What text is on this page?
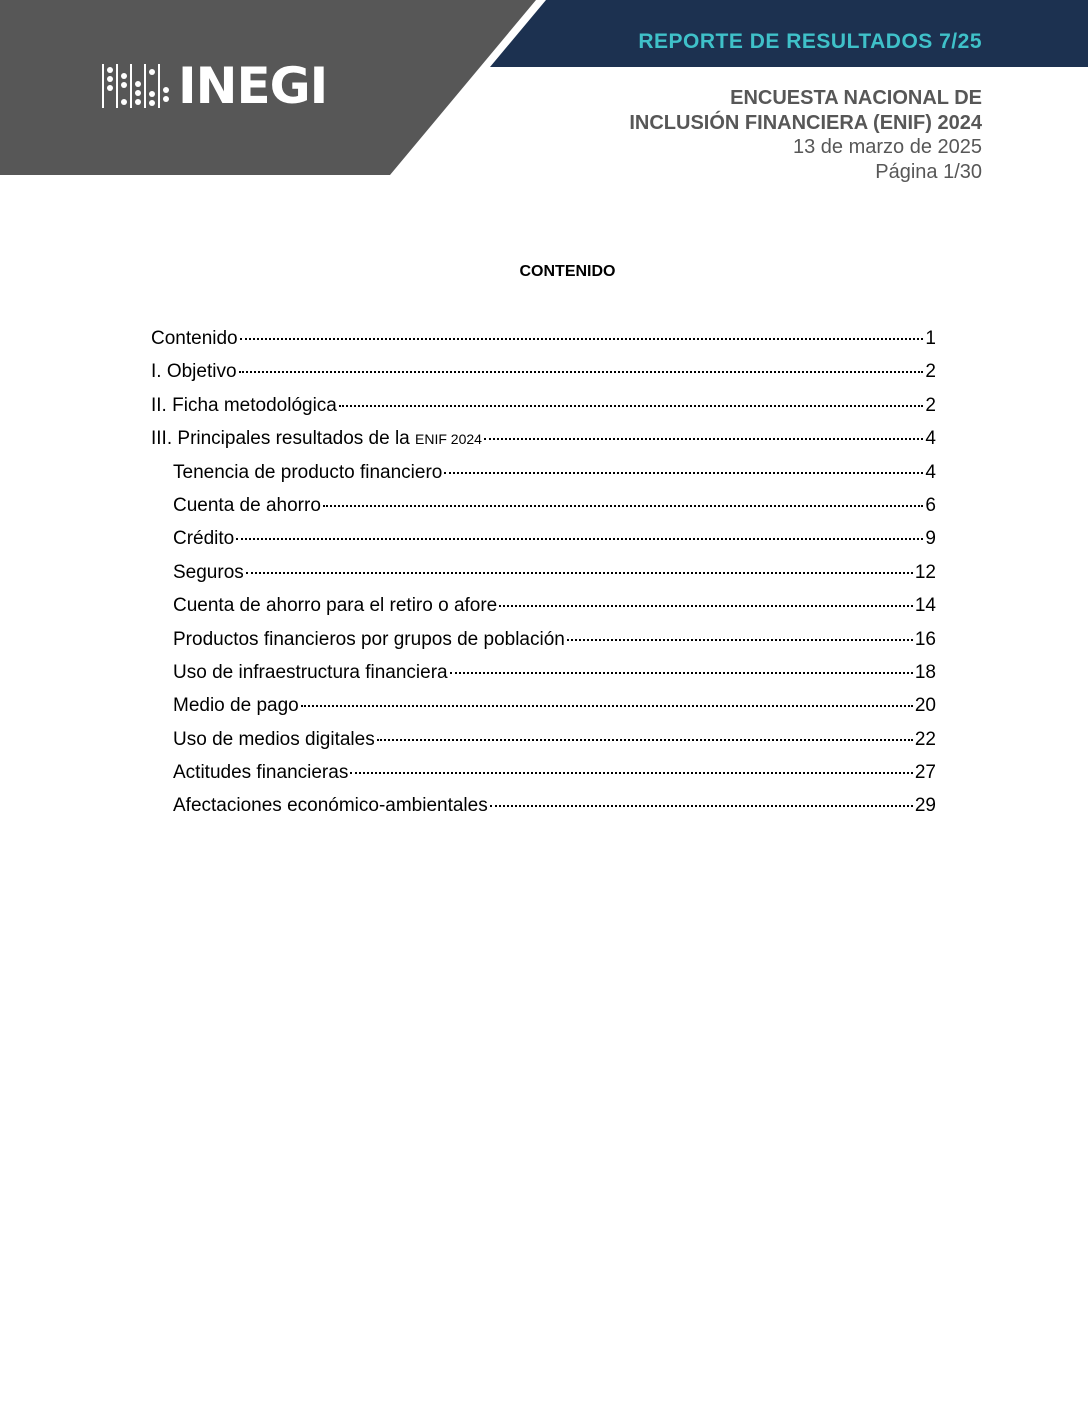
REPORTE DE RESULTADOS 7/25
INEGI	ENCUESTA NACIONAL DE
INCLUSIÓN FINANCIERA (ENIF) 2024
13 de marzo de 2025
Página 1/30
CONTENIDO
Contenido	1
I. Objetivo	2
II. Ficha metodológica	2
III. Principales resultados de la ENIF 2024	4
Tenencia de producto financiero	4
Cuenta de ahorro	6
Crédito	9
Seguros	12
Cuenta de ahorro para el retiro o afore	14
Productos financieros por grupos de población	16
Uso de infraestructura financiera	18
Medio de pago	20
Uso de medios digitales	22
Actitudes financieras	27
Afectaciones económico-ambientales	29
